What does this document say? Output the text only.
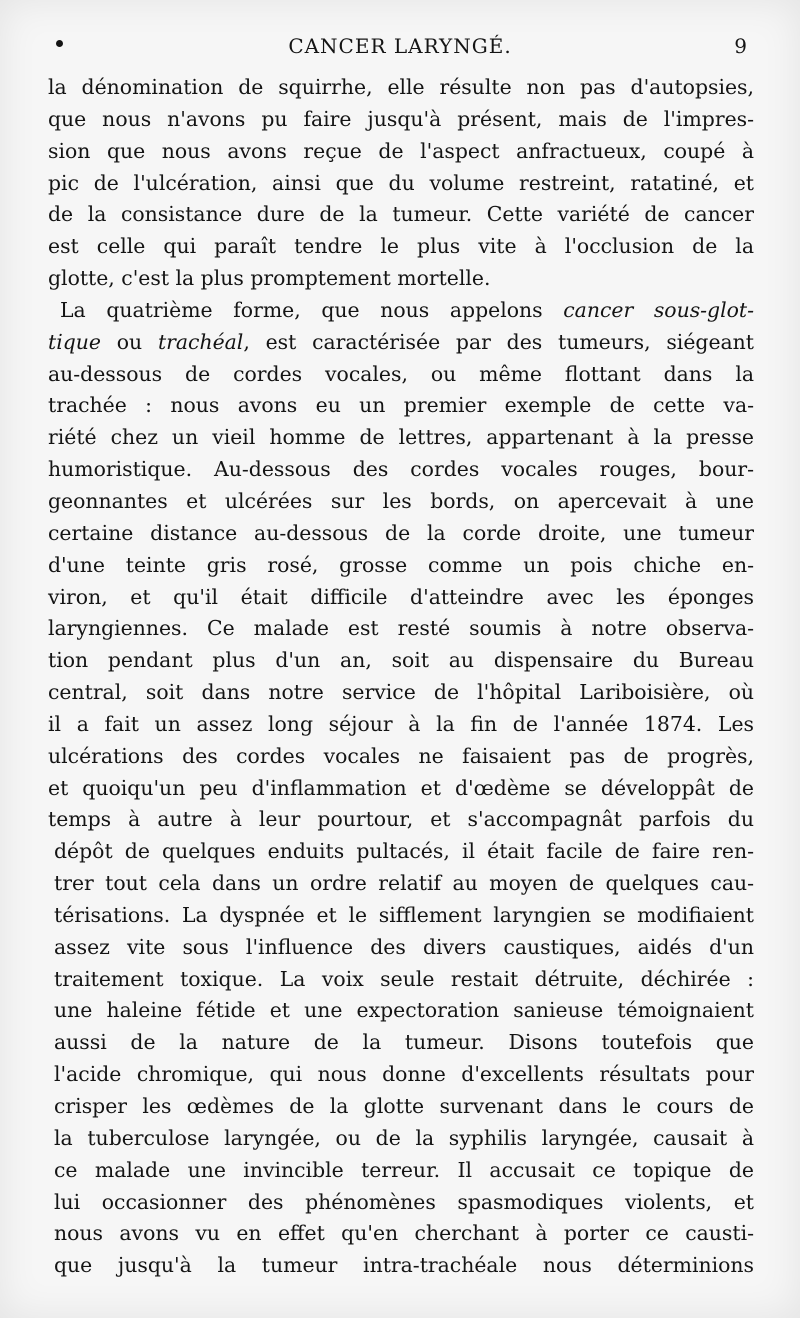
CANCER LARYNGÉ.	9
la dénomination de squirrhe, elle résulte non pas d'autopsies,
que nous n'avons pu faire jusqu'à présent, mais de l'impres-
sion que nous avons reçue de l'aspect anfractueux, coupé à
pic de l'ulcération, ainsi que du volume restreint, ratatiné, et
de la consistance dure de la tumeur. Cette variété de cancer
est celle qui paraît tendre le plus vite à l'occlusion de la
glotte, c'est la plus promptement mortelle.
La quatrième forme, que nous appelons cancer sous-glot-
tique ou trachéal, est caractérisée par des tumeurs, siégeant
au-dessous de cordes vocales, ou même flottant dans la
trachée : nous avons eu un premier exemple de cette va-
riété chez un vieil homme de lettres, appartenant à la presse
humoristique. Au-dessous des cordes vocales rouges, bour-
geonnantes et ulcérées sur les bords, on apercevait à une
certaine distance au-dessous de la corde droite, une tumeur
d'une teinte gris rosé, grosse comme un pois chiche en-
viron, et qu'il était difficile d'atteindre avec les éponges
laryngiennes. Ce malade est resté soumis à notre observa-
tion pendant plus d'un an, soit au dispensaire du Bureau
central, soit dans notre service de l'hôpital Lariboisière, où
il a fait un assez long séjour à la fin de l'année 1874. Les
ulcérations des cordes vocales ne faisaient pas de progrès,
et quoiqu'un peu d'inflammation et d'œdème se développât de
temps à autre à leur pourtour, et s'accompagnât parfois du
dépôt de quelques enduits pultacés, il était facile de faire ren-
trer tout cela dans un ordre relatif au moyen de quelques cau-
térisations. La dyspnée et le sifflement laryngien se modifiaient
assez vite sous l'influence des divers caustiques, aidés d'un
traitement toxique. La voix seule restait détruite, déchirée :
une haleine fétide et une expectoration sanieuse témoignaient
aussi de la nature de la tumeur. Disons toutefois que
l'acide chromique, qui nous donne d'excellents résultats pour
crisper les œdèmes de la glotte survenant dans le cours de
la tuberculose laryngée, ou de la syphilis laryngée, causait à
ce malade une invincible terreur. Il accusait ce topique de
lui occasionner des phénomènes spasmodiques violents, et
nous avons vu en effet qu'en cherchant à porter ce causti-
que jusqu'à la tumeur intra-trachéale nous déterminions
